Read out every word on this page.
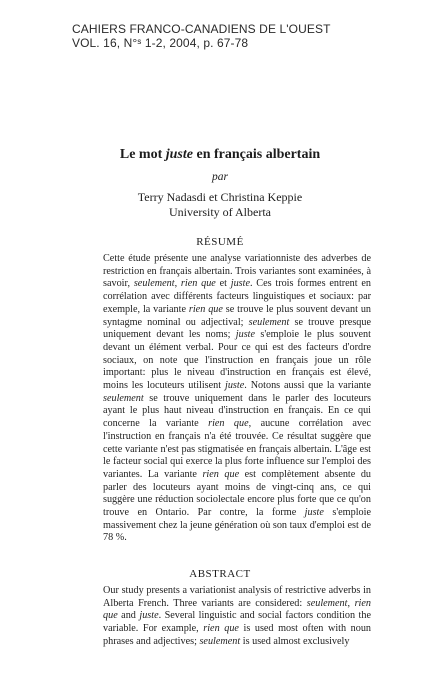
CAHIERS FRANCO-CANADIENS DE L'OUEST
VOL. 16, N°ˢ 1-2, 2004, p. 67-78
Le mot juste en français albertain
par
Terry Nadasdi et Christina Keppie
University of Alberta
RÉSUMÉ

Cette étude présente une analyse variationniste des adverbes de restriction en français albertain. Trois variantes sont examinées, à savoir, seulement, rien que et juste. Ces trois formes entrent en corrélation avec différents facteurs linguistiques et sociaux: par exemple, la variante rien que se trouve le plus souvent devant un syntagme nominal ou adjectival; seulement se trouve presque uniquement devant les noms; juste s'emploie le plus souvent devant un élément verbal. Pour ce qui est des facteurs d'ordre sociaux, on note que l'instruction en français joue un rôle important: plus le niveau d'instruction en français est élevé, moins les locuteurs utilisent juste. Notons aussi que la variante seulement se trouve uniquement dans le parler des locuteurs ayant le plus haut niveau d'instruction en français. En ce qui concerne la variante rien que, aucune corrélation avec l'instruction en français n'a été trouvée. Ce résultat suggère que cette variante n'est pas stigmatisée en français albertain. L'âge est le facteur social qui exerce la plus forte influence sur l'emploi des variantes. La variante rien que est complètement absente du parler des locuteurs ayant moins de vingt-cinq ans, ce qui suggère une réduction sociolectale encore plus forte que ce qu'on trouve en Ontario. Par contre, la forme juste s'emploie massivement chez la jeune génération où son taux d'emploi est de 78 %.

ABSTRACT

Our study presents a variationist analysis of restrictive adverbs in Alberta French. Three variants are considered: seulement, rien que and juste. Several linguistic and social factors condition the variable. For example, rien que is used most often with noun phrases and adjectives; seulement is used almost exclusively
